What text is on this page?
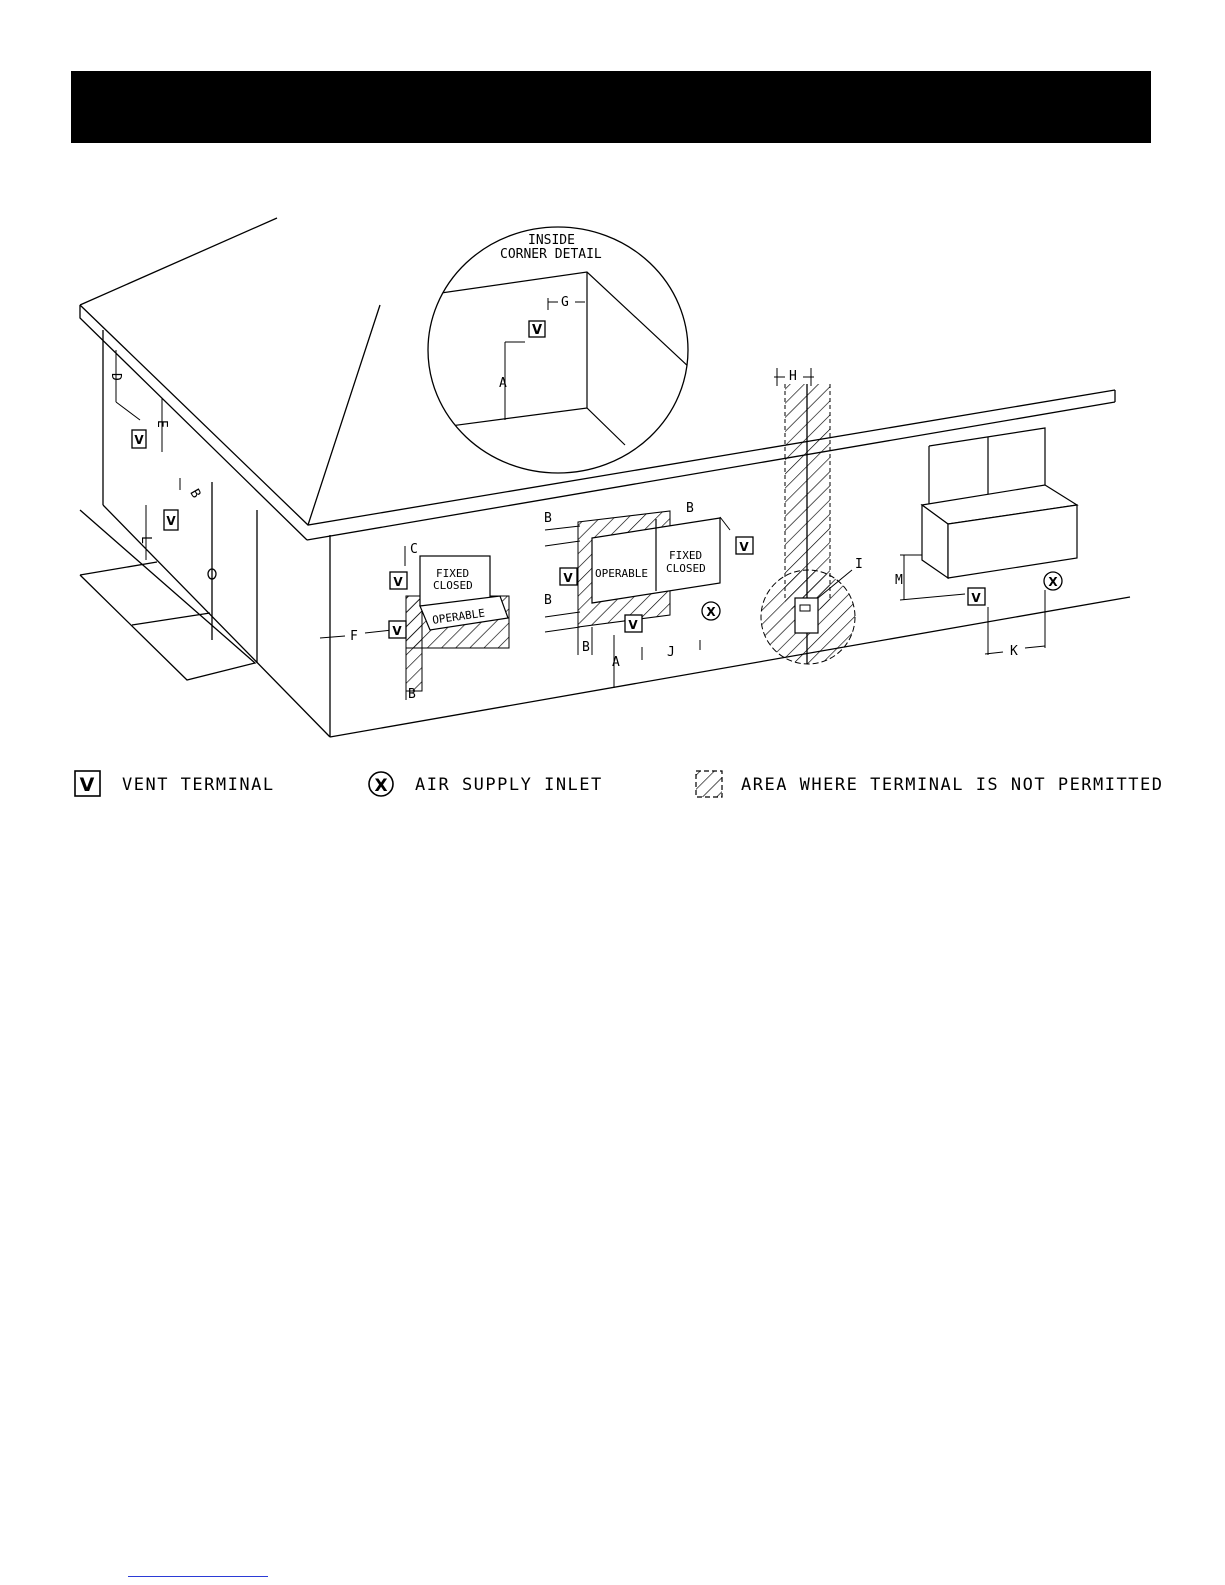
INSIDE
CORNER DETAIL
G
A
V
D
E
B
L
V
V
FIXED
CLOSED
OPERABLE
C
F
B
V
V
OPERABLE
FIXED
CLOSED
B
B
B
B
A
J
V
V
V
X
H
I
M
K
V
X
V VENT TERMINAL	X AIR SUPPLY INLET	AREA WHERE TERMINAL IS NOT PERMITTED
